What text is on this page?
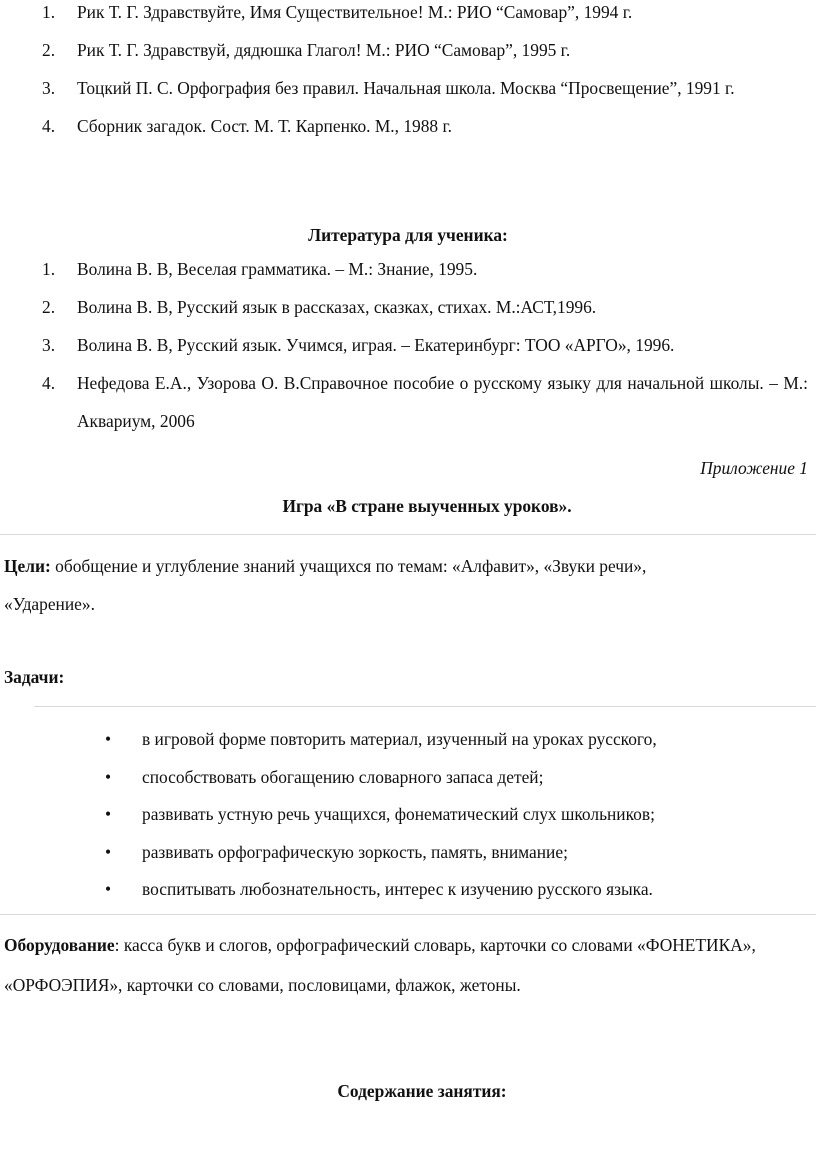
1. Рик Т. Г. Здравствуйте, Имя Существительное! М.: РИО “Самовар”, 1994 г.
2. Рик Т. Г. Здравствуй, дядюшка Глагол! М.: РИО “Самовар”, 1995 г.
3. Тоцкий П. С. Орфография без правил. Начальная школа. Москва “Просвещение”, 1991 г.
4. Сборник загадок. Сост. М. Т. Карпенко. М., 1988 г.
Литература для ученика:
1. Волина В. В, Веселая грамматика. – М.: Знание, 1995.
2. Волина В. В, Русский язык в рассказах, сказках, стихах. М.:АСТ,1996.
3. Волина В. В, Русский язык. Учимся, играя. – Екатеринбург: ТОО «АРГО», 1996.
4. Нефедова Е.А., Узорова О. В.Справочное пособие о русскому языку для начальной школы. – М.: Аквариум, 2006
Приложение 1
Игра «В стране выученных уроков».
Цели: обобщение и углубление знаний учащихся по темам: «Алфавит», «Звуки речи», «Ударение».
Задачи:
• в игровой форме повторить материал, изученный на уроках русского,
• способствовать обогащению словарного запаса детей;
• развивать устную речь учащихся, фонематический слух школьников;
• развивать орфографическую зоркость, память, внимание;
• воспитывать любознательность, интерес к изучению русского языка.
Оборудование: касса букв и слогов, орфографический словарь, карточки со словами «ФОНЕТИКА», «ОРФОЭПИЯ», карточки со словами, пословицами, флажок, жетоны.
Содержание занятия:
